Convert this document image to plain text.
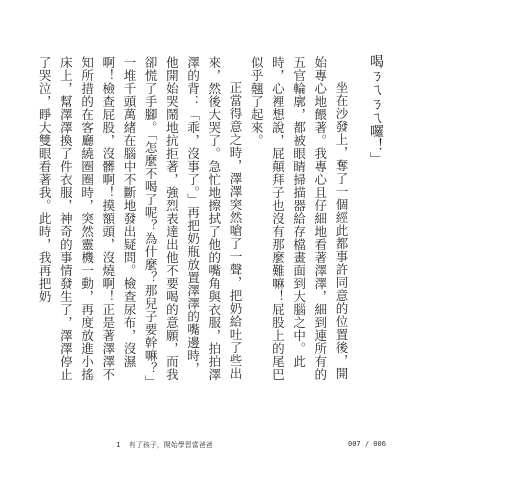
喝ㄋㄟㄋㄟ囉！」

坐在沙發上，奪了一個經此都事許同意的位置後，開始專心地餵著。我專心且仔細地看著澤澤，細到連所有的五官輪廓，都被眼睛掃描器給存檔畫面到大腦之中。此時，心裡想說，屁顛拜子也沒有那麼難嘛！屁股上的尾巴似乎翹了起來。

正當得意之時，澤澤突然嗆了一聲，把奶給吐了些出來，然後大哭了。急忙地擦拭了他的嘴角與衣服，拍拍澤澤的背：「乖，沒事了。」再把奶瓶放置澤澤的嘴邊時，他開始哭鬧地抗拒著，強烈表達出他不要喝的意願，而我卻慌了手腳。「怎麼不喝了呢？為什麼？那兒子要幹嘛？」一堆千頭萬緒在腦中不斷地發出疑問。檢查尿布，沒濕啊！檢查屁股，沒髒啊！摸額頭，沒燒啊！正是著澤澤不知所措的在客廳繞圈圈時，突然靈機一動，再度放進小搖床上，幫澤澤換了件衣服，神奇的事情發生了，澤澤停止了哭泣，睜大雙眼看著我。此時，我再把奶

1 有了孩子，開始學習當爸爸	007 / 006
